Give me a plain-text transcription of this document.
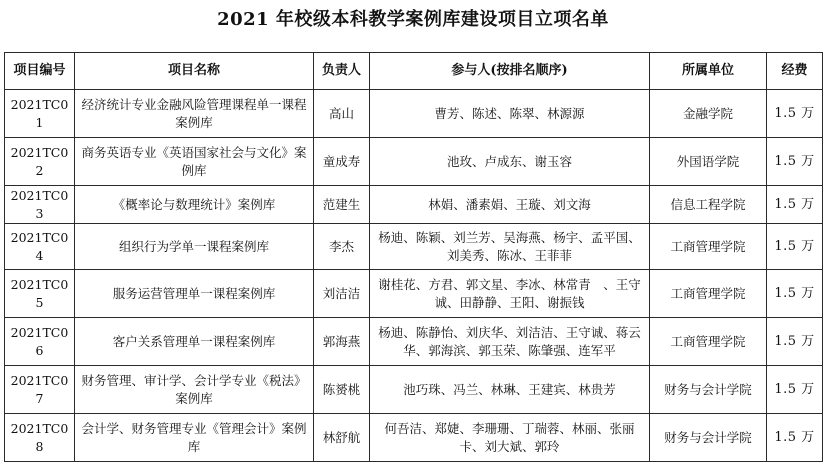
2021 年校级本科教学案例库建设项目立项名单
项目编号	项目名称	负责人	参与人(按排名顺序)	所属单位	经费
2021TC01	经济统计专业金融风险管理课程单一课程案例库	高山	曹芳、陈述、陈翠、林源源	金融学院	1.5 万
2021TC02	商务英语专业《英语国家社会与文化》案例库	童成寿	池玫、卢成东、谢玉容	外国语学院	1.5 万
2021TC03	《概率论与数理统计》案例库	范建生	林娟、潘素娟、王璇、刘文海	信息工程学院	1.5 万
2021TC04	组织行为学单一课程案例库	李杰	杨迪、陈颖、刘兰芳、吴海燕、杨宇、孟平国、刘美秀、陈冰、王菲菲	工商管理学院	1.5 万
2021TC05	服务运营管理单一课程案例库	刘洁洁	谢桂花、方君、郭文星、李冰、林常青　、王守诚、田静静、王阳、谢振钱	工商管理学院	1.5 万
2021TC06	客户关系管理单一课程案例库	郭海燕	杨迪、陈静怡、刘庆华、刘洁洁、王守诚、蒋云华、郭海滨、郭玉荣、陈肇强、连军平	工商管理学院	1.5 万
2021TC07	财务管理、审计学、会计学专业《税法》案例库	陈赟桃	池巧珠、冯兰、林琳、王建宾、林贵芳	财务与会计学院	1.5 万
2021TC08	会计学、财务管理专业《管理会计》案例库	林舒航	何吾洁、郑婕、李珊珊、丁瑞蓉、林丽、张丽卡、刘大斌、郭玲	财务与会计学院	1.5 万
